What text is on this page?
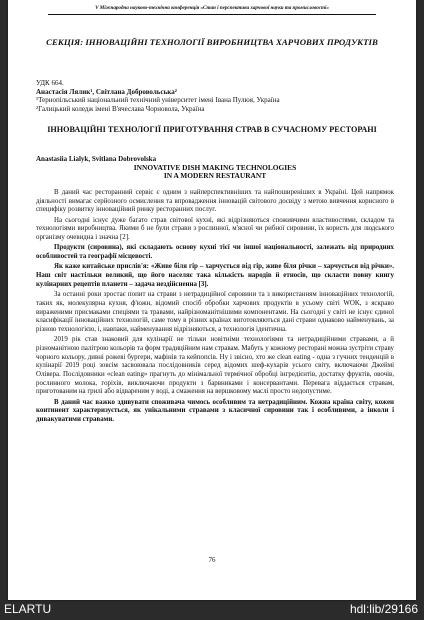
V Міжнародна науково-технічна конференція «Стан і перспективи харчової науки та промисловості»
СЕКЦІЯ: ІННОВАЦІЙНІ ТЕХНОЛОГІЇ ВИРОБНИЦТВА ХАРЧОВИХ ПРОДУКТІВ
УДК 664.
Анастасія Лялик¹, Світлана Добровольська²
¹Тернопільський національний технічний університет імені Івана Пулюя, Україна
²Галицький коледж імені В'ячеслава Чорновола, Україна
ІННОВАЦІЙНІ ТЕХНОЛОГІЇ ПРИГОТУВАННЯ СТРАВ В СУЧАСНОМУ РЕСТОРАНІ
Anastasiia Lialyk, Svitlana Dobrovolska
INNOVATIVE DISH MAKING TECHNOLOGIES
IN A MODERN RESTAURANT

В даний час ресторанний сервіс є одним з найперспективніших та найпоширеніших в Україні. Цей напрямок діяльності вимагає серйозного осмислення та впровадження інновацій світового досвіду з метою вивчення корисного в специфіку розвитку інноваційний ринку ресторанних послуг.

На сьогодні існує дуже багато страв світової кухні, які відрізняються споживчими властивостями, складом та технологіями виробництва. Якими б не були страви з рослинної, м'ясної чи рибної сировини, їх користь для людського організму очевидна і значна [2].

Продукти (сировина), які складають основу кухні тієї чи іншої національності, залежать від природних особливостей та географії місцевості.

Як каже китайське прислів'я: «Живе біля гір – харчується від гір, живе біля річки – харчується від річки». Наш світ настільки великий, що його населяє така кількість народів й етносів, що скласти повну книгу кулінарних рецептів планети – задача нездійсненна [3].

За останні роки зростає попит на страви з нетрадиційної сировини та з використанням інноваційних технологій, таких як, молекулярна кухня, ф'южн, відомий спосіб обробки харчових продуктів в усьому світі WOK, з яскраво вираженими присмаками спеціями та травами, найрізноманітнішими компонентами. На сьогодні у світі не існує єдиної класифікації інноваційних технологій, саме тому в різних країнах виготовляються дані страви однаково найменувань, за різною технологією, і, навпаки, найменування відрізняються, а технологія ідентична.

2019 рік став знаковий для кулінарії не тільки новітніми технологіями та нетрадиційними стравами, а й різноманітною палітрою кольорів та форм традиційним нам стравам. Мабуть у кожному ресторані можна зустріти страву чорного кольору, дивні рожеві бургери, мафінів та кейпопсів. Ну і звісно, хто же clean eating - одна з гучних тенденцій в кулінарії 2019 році зовсім засвоювала послідовників серед відомих шеф-кухарів усього світу, включаючи Джеймі Олівера. Послідовники «clean eating» прагнуть до мінімальної термічної обробці інгредієнтів, достатку фруктів, овочів, рослинного молока, горіхів, виключаючи продукти з барвниками і консервантами. Перевага віддається стравам, приготованим на грилі або відвареним у воді, а смаження на вершковому маслі просто недопустиме.

В даний час важко здивувати споживача чимось особливим та нетрадиційним. Кожна країна світу, кожен континент характеризується, як унікальними стравами з класичної сировини так і особливими, а інколи і дивакуватими стравами.

76
ELARTU	hdl:lib/29166
